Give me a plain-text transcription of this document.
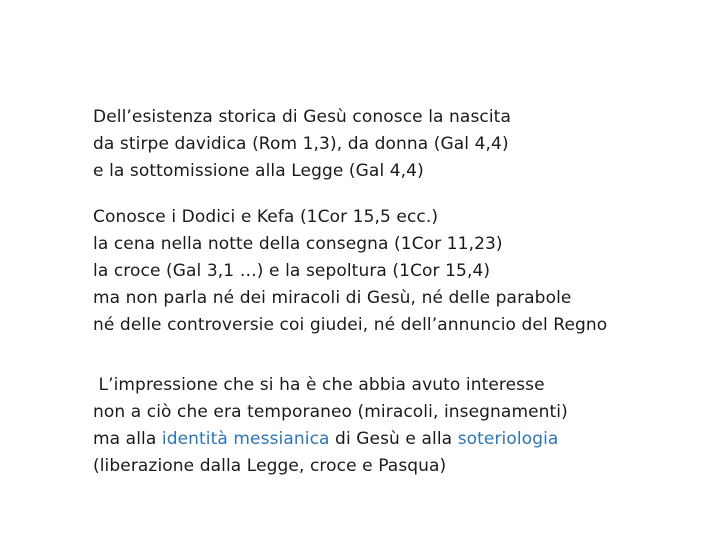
Dell’esistenza storica di Gesù conosce la nascita
da stirpe davidica (Rom 1,3), da donna (Gal 4,4)
e la sottomissione alla Legge (Gal 4,4)

Conosce i Dodici e Kefa (1Cor 15,5 ecc.)
la cena nella notte della consegna (1Cor 11,23)
la croce (Gal 3,1 …) e la sepoltura (1Cor 15,4)
ma non parla né dei miracoli di Gesù, né delle parabole
né delle controversie coi giudei, né dell’annuncio del Regno

L’impressione che si ha è che abbia avuto interesse
non a ciò che era temporaneo (miracoli, insegnamenti)
ma alla identità messianica di Gesù e alla soteriologia
(liberazione dalla Legge, croce e Pasqua)
